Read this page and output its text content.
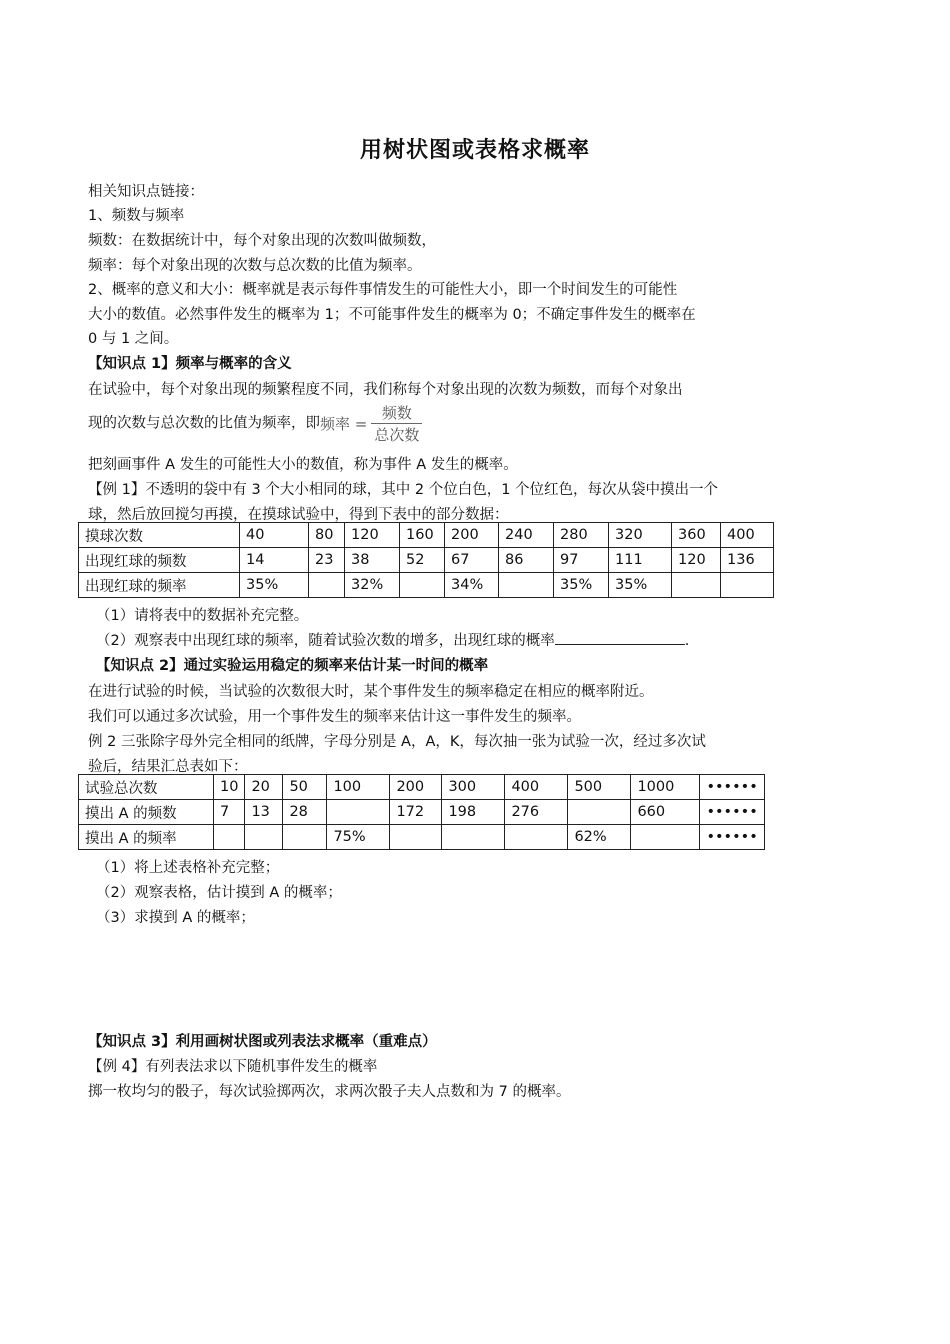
用树状图或表格求概率
相关知识点链接：
1、频数与频率
频数：在数据统计中，每个对象出现的次数叫做频数，
频率：每个对象出现的次数与总次数的比值为频率。
2、概率的意义和大小：概率就是表示每件事情发生的可能性大小，即一个时间发生的可能性
大小的数值。必然事件发生的概率为 1；不可能事件发生的概率为 0；不确定事件发生的概率在
0 与 1 之间。
【知识点 1】频率与概率的含义
在试验中，每个对象出现的频繁程度不同，我们称每个对象出现的次数为频数，而每个对象出
现的次数与总次数的比值为频率，即频率 = $\frac{\text{频数}}{\text{总次数}}$
把刻画事件 A 发生的可能性大小的数值，称为事件 A 发生的概率。
【例 1】不透明的袋中有 3 个大小相同的球，其中 2 个位白色，1 个位红色，每次从袋中摸出一个
球，然后放回搅匀再摸，在摸球试验中，得到下表中的部分数据：
摸球次数	40	80	120	160	200	240	280	320	360	400
出现红球的频数	14	23	38	52	67	86	97	111	120	136
出现红球的频率	35%		32%		34%		35%	35%		
（1）请将表中的数据补充完整。
（2）观察表中出现红球的频率，随着试验次数的增多，出现红球的概率	.
【知识点 2】通过实验运用稳定的频率来估计某一时间的概率
在进行试验的时候，当试验的次数很大时，某个事件发生的频率稳定在相应的概率附近。
我们可以通过多次试验，用一个事件发生的频率来估计这一事件发生的频率。
例 2 三张除字母外完全相同的纸牌，字母分别是 A，A，K，每次抽一张为试验一次，经过多次试
验后，结果汇总表如下：
试验总次数	10	20	50	100	200	300	400	500	1000	••••••
摸出 A 的频数	7	13	28		172	198	276		660	••••••
摸出 A 的频率				75%				62%		••••••
（1）将上述表格补充完整；
（2）观察表格，估计摸到 A 的概率；
（3）求摸到 A 的概率；
【知识点 3】利用画树状图或列表法求概率（重难点）
【例 4】有列表法求以下随机事件发生的概率
掷一枚均匀的骰子，每次试验掷两次，求两次骰子夫人点数和为 7 的概率。
